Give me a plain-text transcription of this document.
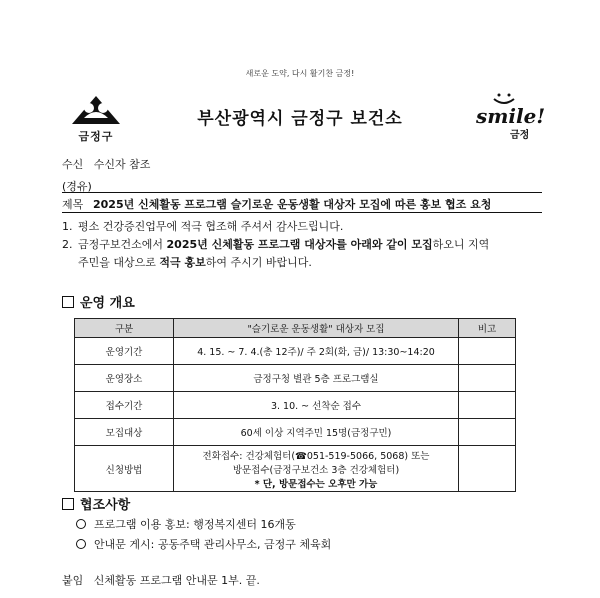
새로운 도약, 다시 활기찬 금정!
금정구
부산광역시 금정구 보건소	smile!
금정
수신 수신자 참조
(경유)
제목 2025년 신체활동 프로그램 슬기로운 운동생활 대상자 모집에 따른 홍보 협조 요청
1. 평소 건강증진업무에 적극 협조해 주셔서 감사드립니다.
2. 금정구보건소에서 2025년 신체활동 프로그램 대상자를 아래와 같이 모집하오니 지역
주민을 대상으로 적극 홍보하여 주시기 바랍니다.
운영 개요
구분	"슬기로운 운동생활" 대상자 모집	비고
운영기간	4. 15. ~ 7. 4.(총 12주)/ 주 2회(화, 금)/ 13:30~14:20	
운영장소	금정구청 별관 5층 프로그램실	
접수기간	3. 10. ~ 선착순 접수	
모집대상	60세 이상 지역주민 15명(금정구민)	
신청방법	전화접수: 건강체험터(☎051-519-5066, 5068) 또는
방문접수(금정구보건소 3층 건강체험터)
* 단, 방문접수는 오후만 가능	

협조사항
프로그램 이용 홍보: 행정복지센터 16개동
안내문 게시: 공동주택 관리사무소, 금정구 체육회
붙임 신체활동 프로그램 안내문 1부. 끝.
